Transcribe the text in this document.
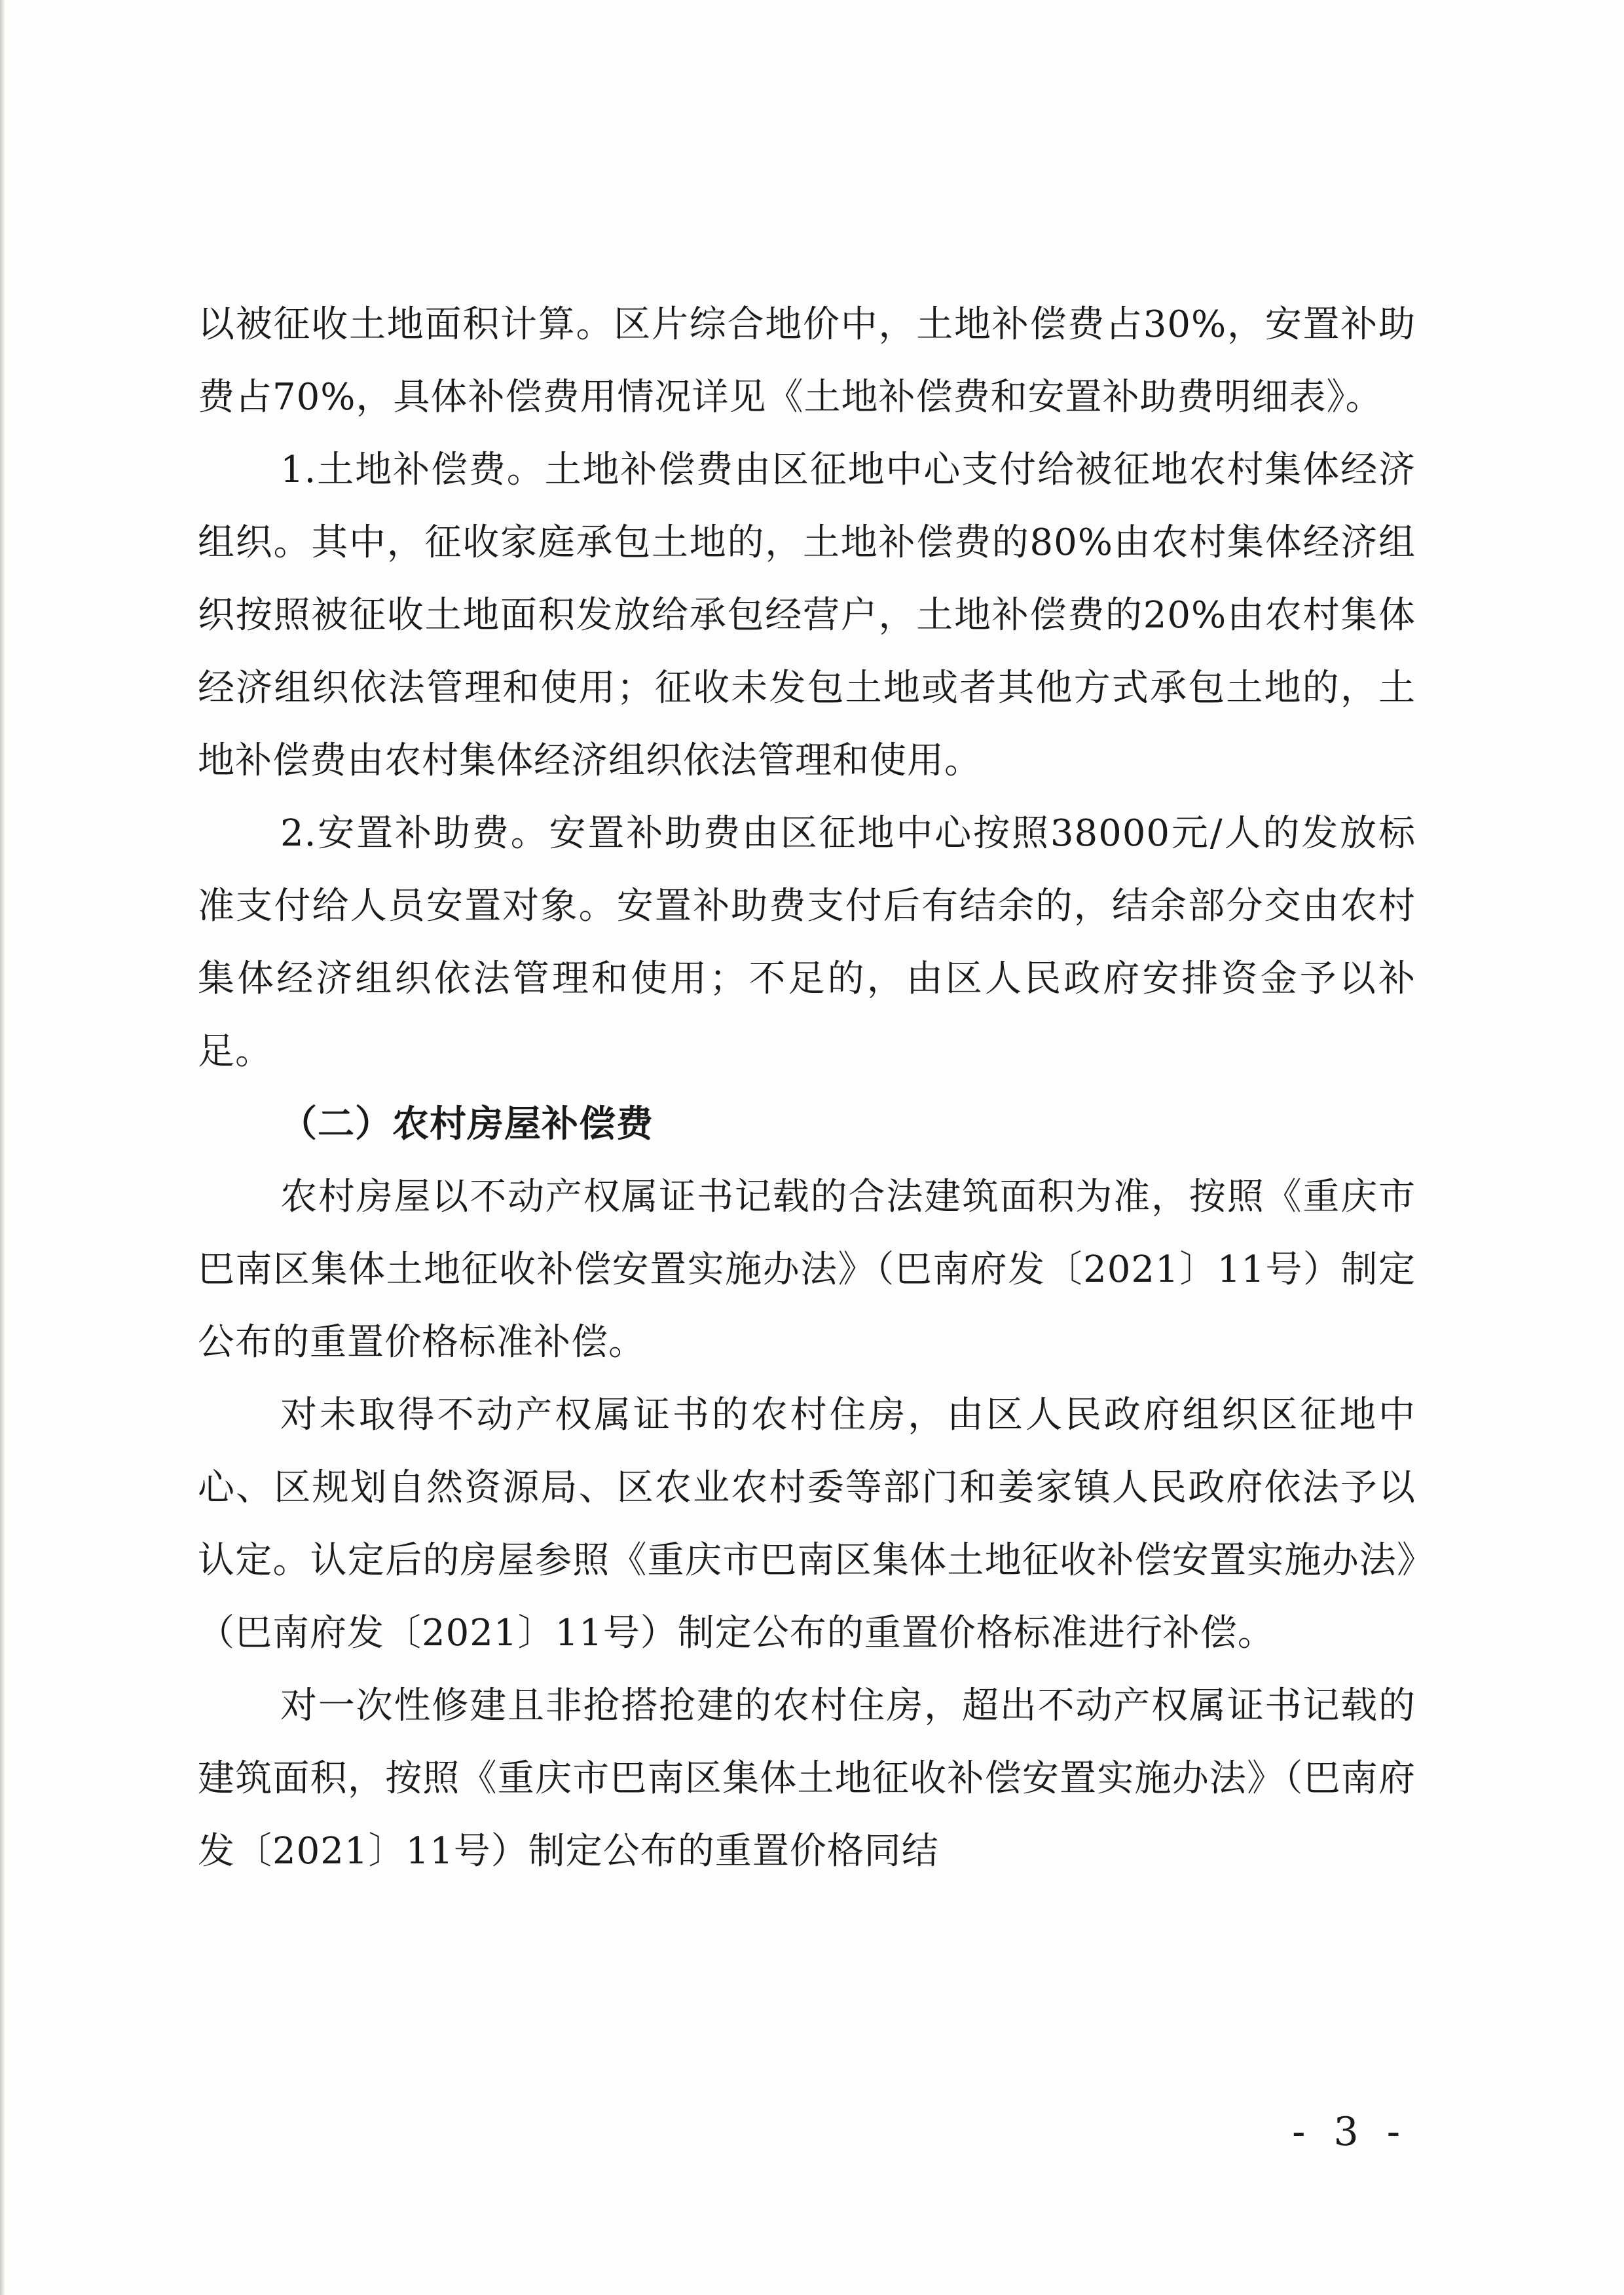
以被征收土地面积计算。区片综合地价中，土地补偿费占30%，安置补助费占70%，具体补偿费用情况详见《土地补偿费和安置补助费明细表》。

1.土地补偿费。土地补偿费由区征地中心支付给被征地农村集体经济组织。其中，征收家庭承包土地的，土地补偿费的80%由农村集体经济组织按照被征收土地面积发放给承包经营户，土地补偿费的20%由农村集体经济组织依法管理和使用；征收未发包土地或者其他方式承包土地的，土地补偿费由农村集体经济组织依法管理和使用。

2.安置补助费。安置补助费由区征地中心按照38000元/人的发放标准支付给人员安置对象。安置补助费支付后有结余的，结余部分交由农村集体经济组织依法管理和使用；不足的，由区人民政府安排资金予以补足。

（二）农村房屋补偿费

农村房屋以不动产权属证书记载的合法建筑面积为准，按照《重庆市巴南区集体土地征收补偿安置实施办法》（巴南府发〔2021〕11号）制定公布的重置价格标准补偿。

对未取得不动产权属证书的农村住房，由区人民政府组织区征地中心、区规划自然资源局、区农业农村委等部门和姜家镇人民政府依法予以认定。认定后的房屋参照《重庆市巴南区集体土地征收补偿安置实施办法》（巴南府发〔2021〕11号）制定公布的重置价格标准进行补偿。

对一次性修建且非抢搭抢建的农村住房，超出不动产权属证书记载的建筑面积，按照《重庆市巴南区集体土地征收补偿安置实施办法》（巴南府发〔2021〕11号）制定公布的重置价格同结

- 3 -
